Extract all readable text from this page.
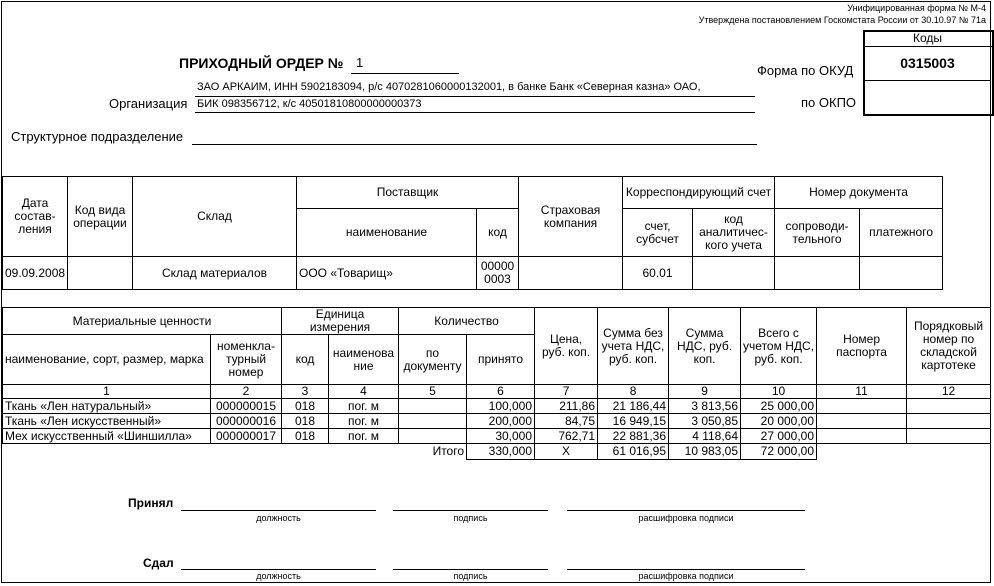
Унифицированная форма № М-4
Утверждена постановлением Госкомстата России от 30.10.97 № 71а
Коды
0315003
Форма по ОКУД
по ОКПО
ПРИХОДНЫЙ ОРДЕР № 1
ЗАО АРКАИМ, ИНН 5902183094, р/с 40702810600001320​01, в банке Банк «Северная казна» ОАО,
Организация БИК 098356712, к/с 40501810800000000373
Структурное подразделение
Дата состав-ления	Код вида операции	Склад	Поставщик		Страховая компания	Корреспондирующий счет		Номер документа	
			наименование	код		счет, субсчет	код аналитичес-кого учета	сопроводи-тельного	платежного
09.09.2008		Склад материалов	ООО «Товарищ»	000000003		60.01			
Материальные ценности		Единица измерения		Количество		Цена, руб. коп.	Сумма без учета НДС, руб. коп.	Сумма НДС, руб. коп.	Всего с учетом НДС, руб. коп.	Номер паспорта	Порядковый номер по складской картотеке
наименование, сорт, размер, марка	номенкла-турный номер	код	наименова ние	по документу	принято						
1	2	3	4	5	6	7	8	9	10	11	12
Ткань «Лен натуральный»	000000015	018	пог. м		100,000	211,86	21 186,44	3 813,56	25 000,00		
Ткань «Лен искусственный»	000000016	018	пог. м		200,000	84,75	16 949,15	3 050,85	20 000,00		
Мех искусственный «Шиншилла»	000000017	018	пог. м		30,000	762,71	22 881,36	4 118,64	27 000,00		
				Итого	330,000	Х	61 016,95	10 983,05	72 000,00		
Принял
должность	подпись	расшифровка подписи
Сдал
должность	подпись	расшифровка подписи
